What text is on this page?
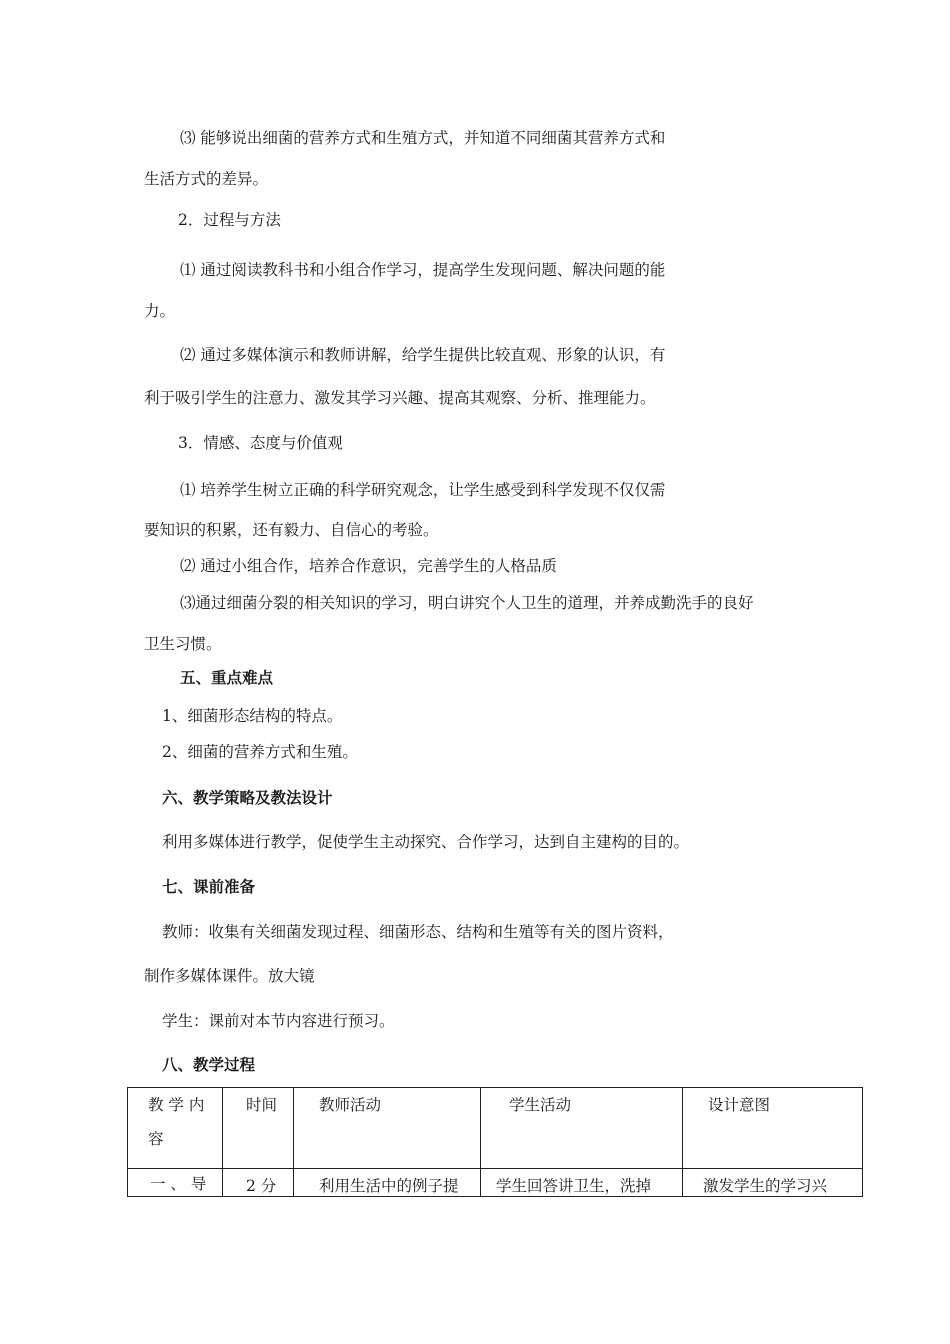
⑶ 能够说出细菌的营养方式和生殖方式，并知道不同细菌其营养方式和
生活方式的差异。
2．过程与方法
⑴ 通过阅读教科书和小组合作学习，提高学生发现问题、解决问题的能
力。
⑵ 通过多媒体演示和教师讲解，给学生提供比较直观、形象的认识，有
利于吸引学生的注意力、激发其学习兴趣、提高其观察、分析、推理能力。
3．情感、态度与价值观
⑴ 培养学生树立正确的科学研究观念，让学生感受到科学发现不仅仅需
要知识的积累，还有毅力、自信心的考验。
⑵ 通过小组合作，培养合作意识，完善学生的人格品质
⑶通过细菌分裂的相关知识的学习，明白讲究个人卫生的道理，并养成勤洗手的良好
卫生习惯。
五、重点难点
1、细菌形态结构的特点。
2、细菌的营养方式和生殖。
六、教学策略及教法设计
利用多媒体进行教学，促使学生主动探究、合作学习，达到自主建构的目的。
七、课前准备
教师：收集有关细菌发现过程、细菌形态、结构和生殖等有关的图片资料，
制作多媒体课件。放大镜
学生：课前对本节内容进行预习。
八、教学过程
教 学 内 容	时间	教师活动	学生活动	设计意图

一 、 导	2 分	利用生活中的例子提	学生回答讲卫生，洗掉	激发学生的学习兴
